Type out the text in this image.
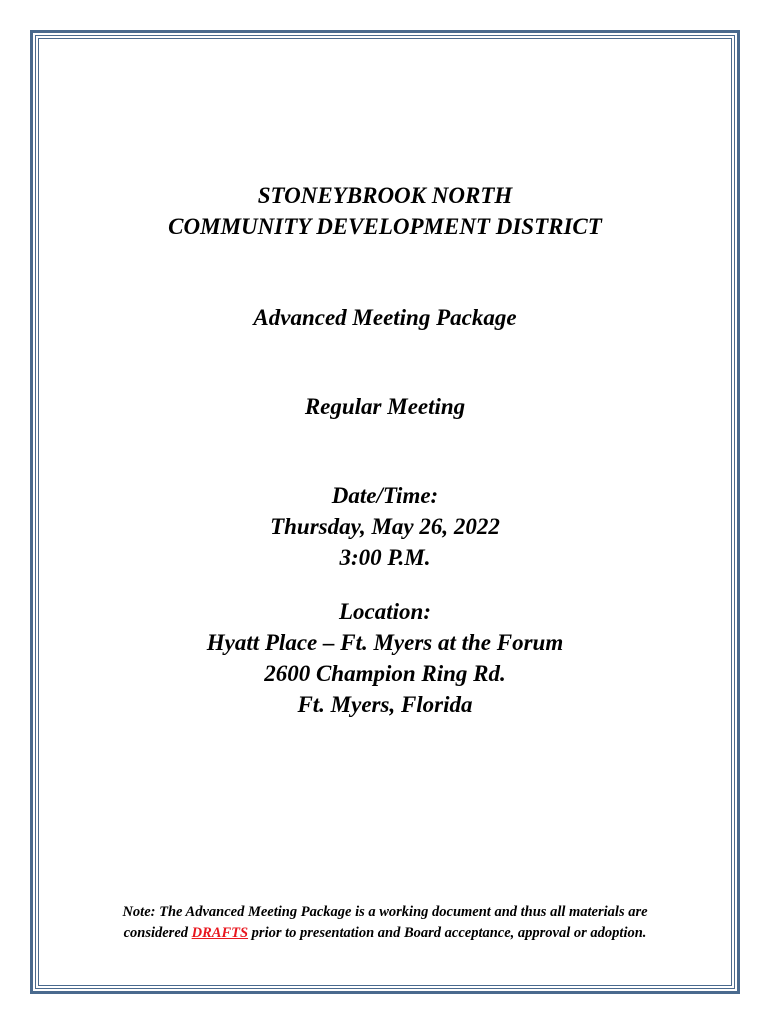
STONEYBROOK NORTH
COMMUNITY DEVELOPMENT DISTRICT
Advanced Meeting Package
Regular Meeting
Date/Time:
Thursday, May 26, 2022
3:00 P.M.
Location:
Hyatt Place – Ft. Myers at the Forum
2600 Champion Ring Rd.
Ft. Myers, Florida
Note: The Advanced Meeting Package is a working document and thus all materials are
considered DRAFTS prior to presentation and Board acceptance, approval or adoption.
